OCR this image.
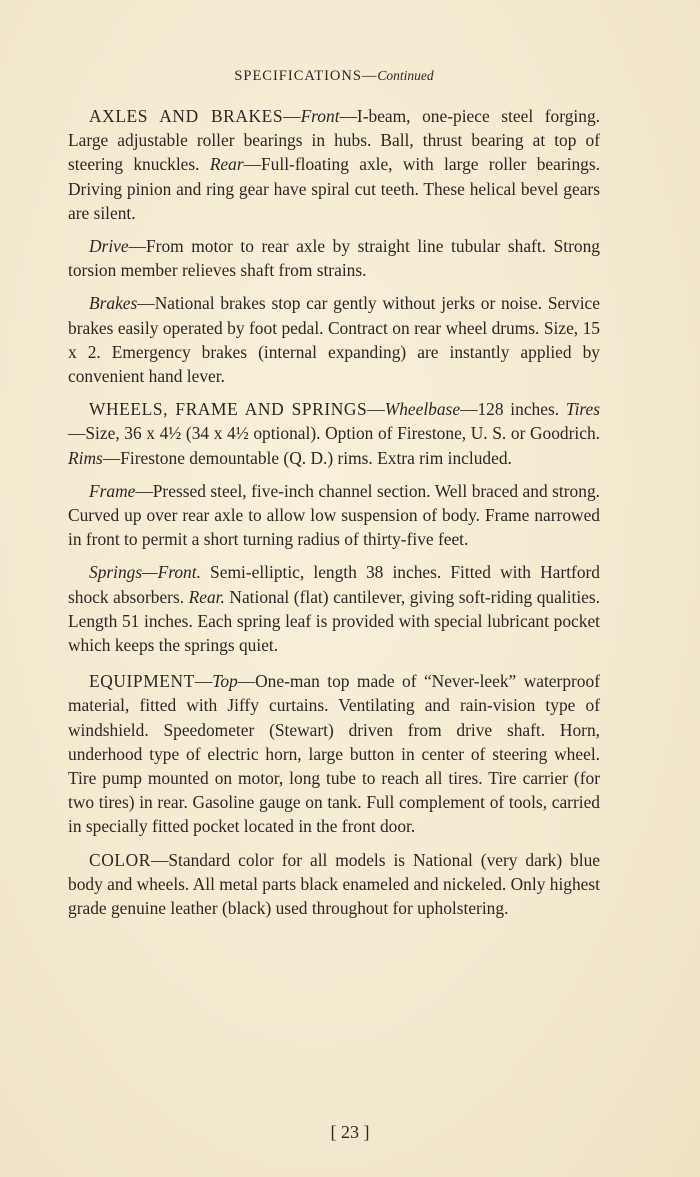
SPECIFICATIONS—Continued

AXLES AND BRAKES—Front—I-beam, one-piece steel forging. Large adjustable roller bearings in hubs. Ball, thrust bearing at top of steering knuckles. Rear—Full-floating axle, with large roller bearings. Driving pinion and ring gear have spiral cut teeth. These helical bevel gears are silent.

Drive—From motor to rear axle by straight line tubular shaft. Strong torsion member relieves shaft from strains.

Brakes—National brakes stop car gently without jerks or noise. Service brakes easily operated by foot pedal. Contract on rear wheel drums. Size, 15 x 2. Emergency brakes (internal expanding) are instantly applied by convenient hand lever.

WHEELS, FRAME AND SPRINGS—Wheelbase—128 inches. Tires—Size, 36 x 4½ (34 x 4½ optional). Option of Firestone, U. S. or Goodrich. Rims—Firestone demountable (Q. D.) rims. Extra rim included.

Frame—Pressed steel, five-inch channel section. Well braced and strong. Curved up over rear axle to allow low suspension of body. Frame narrowed in front to permit a short turning radius of thirty-five feet.

Springs—Front. Semi-elliptic, length 38 inches. Fitted with Hartford shock absorbers. Rear. National (flat) cantilever, giving soft-riding qualities. Length 51 inches. Each spring leaf is provided with special lubricant pocket which keeps the springs quiet.

EQUIPMENT—Top—One-man top made of “Never-leek” waterproof material, fitted with Jiffy curtains. Ventilating and rain-vision type of windshield. Speedometer (Stewart) driven from drive shaft. Horn, underhood type of electric horn, large button in center of steering wheel. Tire pump mounted on motor, long tube to reach all tires. Tire carrier (for two tires) in rear. Gasoline gauge on tank. Full complement of tools, carried in specially fitted pocket located in the front door.

COLOR—Standard color for all models is National (very dark) blue body and wheels. All metal parts black enameled and nickeled. Only highest grade genuine leather (black) used throughout for upholstering.

[ 23 ]
